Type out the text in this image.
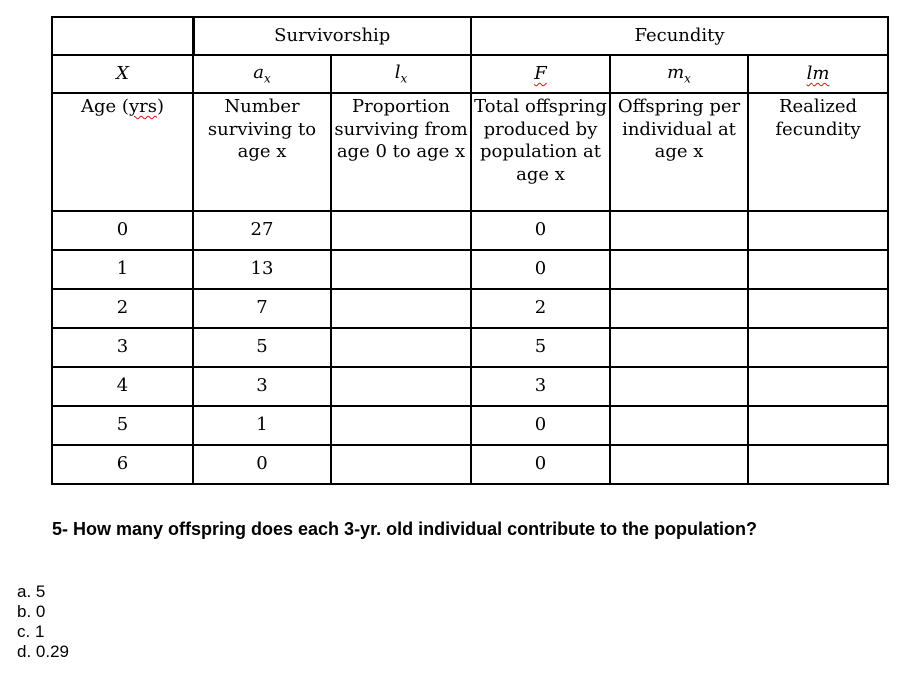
	Survivorship		Fecundity		
X	$a_x$	$l_x$	F	$m_x$	lm
Age (yrs)	Number surviving to age x	Proportion surviving from age 0 to age x	Total offspring produced by population at age x	Offspring per individual at age x	Realized fecundity
0	27		0		
1	13		0		
2	7		2		
3	5		5		
4	3		3		
5	1		0		
6	0		0		

5- How many offspring does each 3-yr. old individual contribute to the population?

a. 5
b. 0
c. 1
d. 0.29
